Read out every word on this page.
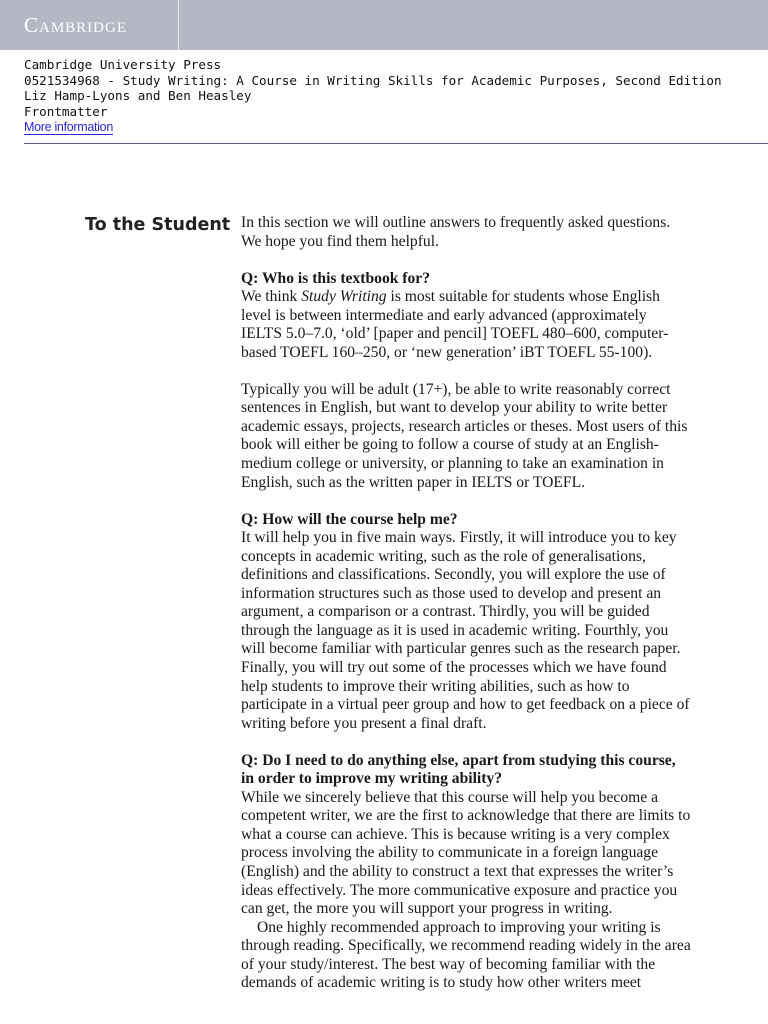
Cambridge
Cambridge University Press
0521534968 - Study Writing: A Course in Writing Skills for Academic Purposes, Second Edition
Liz Hamp-Lyons and Ben Heasley
Frontmatter
More information
To the Student In this section we will outline answers to frequently asked questions. We hope you find them helpful.

Q: Who is this textbook for?

We think Study Writing is most suitable for students whose English level is between intermediate and early advanced (approximately IELTS 5.0–7.0, ‘old’ [paper and pencil] TOEFL 480–600, computer-based TOEFL 160–250, or ‘new generation’ iBT TOEFL 55-100).

Typically you will be adult (17+), be able to write reasonably correct sentences in English, but want to develop your ability to write better academic essays, projects, research articles or theses. Most users of this book will either be going to follow a course of study at an English-medium college or university, or planning to take an examination in English, such as the written paper in IELTS or TOEFL.

Q: How will the course help me?

It will help you in five main ways. Firstly, it will introduce you to key concepts in academic writing, such as the role of generalisations, definitions and classifications. Secondly, you will explore the use of information structures such as those used to develop and present an argument, a comparison or a contrast. Thirdly, you will be guided through the language as it is used in academic writing. Fourthly, you will become familiar with particular genres such as the research paper. Finally, you will try out some of the processes which we have found help students to improve their writing abilities, such as how to participate in a virtual peer group and how to get feedback on a piece of writing before you present a final draft.

Q: Do I need to do anything else, apart from studying this course, in order to improve my writing ability?

While we sincerely believe that this course will help you become a competent writer, we are the first to acknowledge that there are limits to what a course can achieve. This is because writing is a very complex process involving the ability to communicate in a foreign language (English) and the ability to construct a text that expresses the writer’s ideas effectively. The more communicative exposure and practice you can get, the more you will support your progress in writing.

One highly recommended approach to improving your writing is through reading. Specifically, we recommend reading widely in the area of your study/interest. The best way of becoming familiar with the demands of academic writing is to study how other writers meet
